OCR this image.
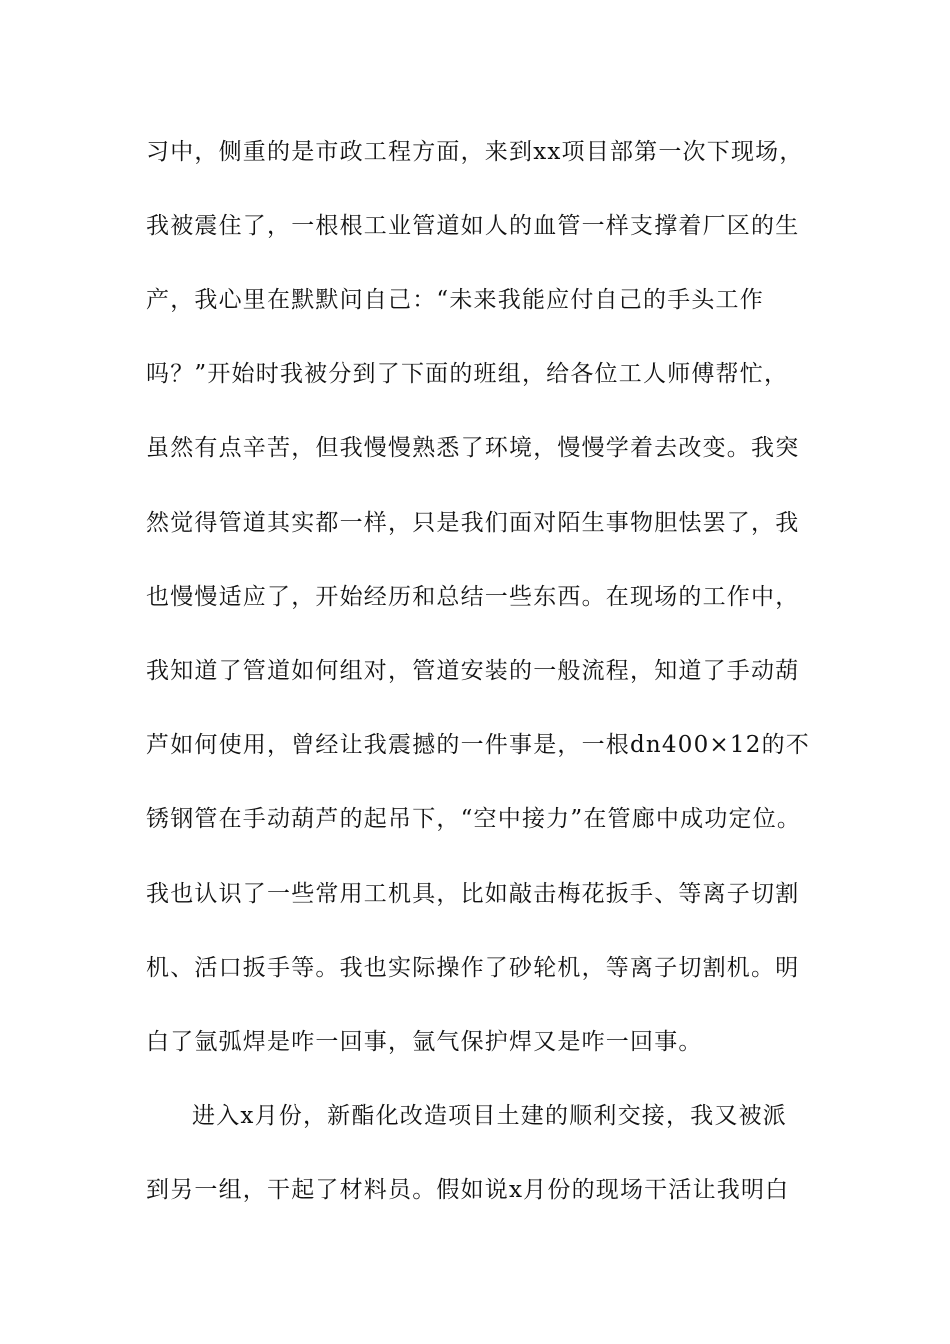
习中，侧重的是市政工程方面，来到xx项目部第一次下现场，
我被震住了，一根根工业管道如人的血管一样支撑着厂区的生
产，我心里在默默问自己：“未来我能应付自己的手头工作
吗？”开始时我被分到了下面的班组，给各位工人师傅帮忙，
虽然有点辛苦，但我慢慢熟悉了环境，慢慢学着去改变。我突
然觉得管道其实都一样，只是我们面对陌生事物胆怯罢了，我
也慢慢适应了，开始经历和总结一些东西。在现场的工作中，
我知道了管道如何组对，管道安装的一般流程，知道了手动葫
芦如何使用，曾经让我震撼的一件事是，一根dn400×12的不
锈钢管在手动葫芦的起吊下，“空中接力”在管廊中成功定位。
我也认识了一些常用工机具，比如敲击梅花扳手、等离子切割
机、活口扳手等。我也实际操作了砂轮机，等离子切割机。明
白了氩弧焊是咋一回事，氩气保护焊又是咋一回事。
进入x月份，新酯化改造项目土建的顺利交接，我又被派
到另一组，干起了材料员。假如说x月份的现场干活让我明白
